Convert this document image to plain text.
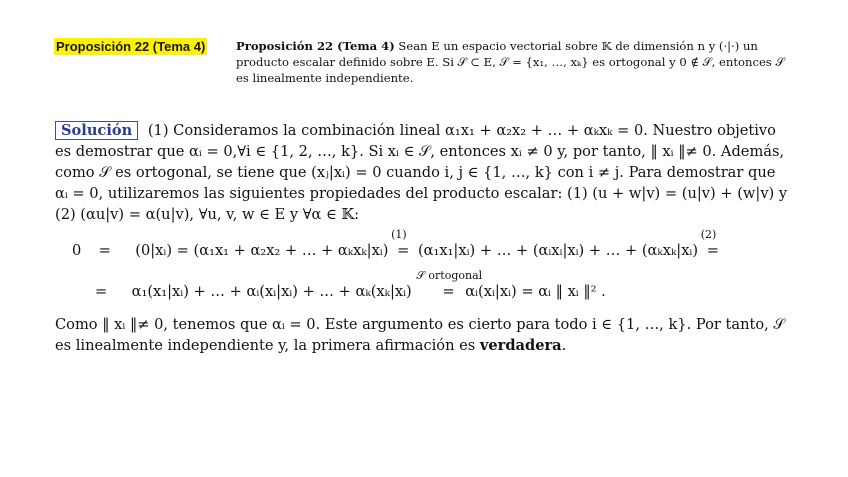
Proposición 22 (Tema 4)	Proposición 22 (Tema 4) Sean E un espacio vectorial sobre 𝕂 de dimensión n y (·|·) un producto escalar definido sobre E. Si 𝒮 ⊂ E, 𝒮 = {x₁, …, xₖ} es ortogonal y 0 ∉ 𝒮, entonces 𝒮 es linealmente independiente.
Solución (1) Consideramos la combinación lineal α₁x₁ + α₂x₂ + … + αₖxₖ = 0. Nuestro objetivo es demostrar que αᵢ = 0,∀i ∈ {1, 2, …, k}. Si xᵢ ∈ 𝒮, entonces xᵢ ≠ 0 y, por tanto, ‖ xᵢ ‖≠ 0. Además, como 𝒮 es ortogonal, se tiene que (xⱼ|xᵢ) = 0 cuando i, j ∈ {1, …, k} con i ≠ j. Para demostrar que αᵢ = 0, utilizaremos las siguientes propiedades del producto escalar: (1) (u + w|v) = (u|v) + (w|v) y (2) (αu|v) = α(u|v), ∀u, v, w ∈ E y ∀α ∈ 𝕂:
0 = (0|xᵢ) = (α₁x₁ + α₂x₂ + … + αₖxₖ|xᵢ) =
(1)
(α₁x₁|xᵢ) + … + (αᵢxᵢ|xᵢ) + … + (αₖxₖ|xᵢ) =
(2)
= α₁(x₁|xᵢ) + … + αᵢ(xᵢ|xᵢ) + … + αₖ(xₖ|xᵢ) =
𝒮 ortogonal
αᵢ(xᵢ|xᵢ) = αᵢ ‖ xᵢ ‖² .
Como ‖ xᵢ ‖≠ 0, tenemos que αᵢ = 0. Este argumento es cierto para todo i ∈ {1, …, k}. Por tanto, 𝒮 es linealmente independiente y, la primera afirmación es verdadera.
